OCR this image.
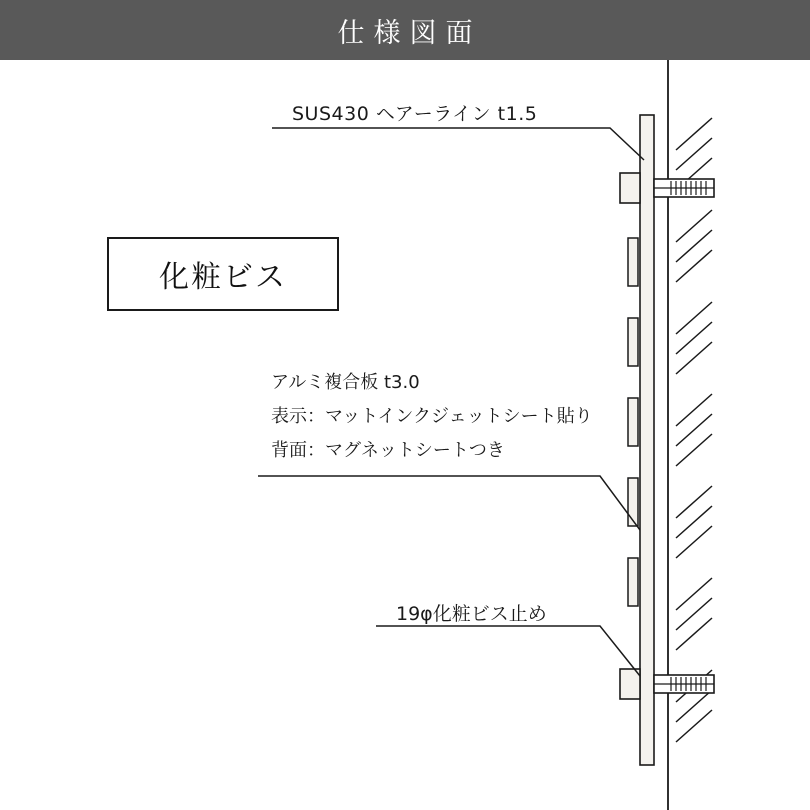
仕様図面
SUS430 ヘアーライン t1.5
アルミ複合板 t3.0
表示：マットインクジェットシート貼り
背面：マグネットシートつき
19φ化粧ビス止め
化粧ビス
